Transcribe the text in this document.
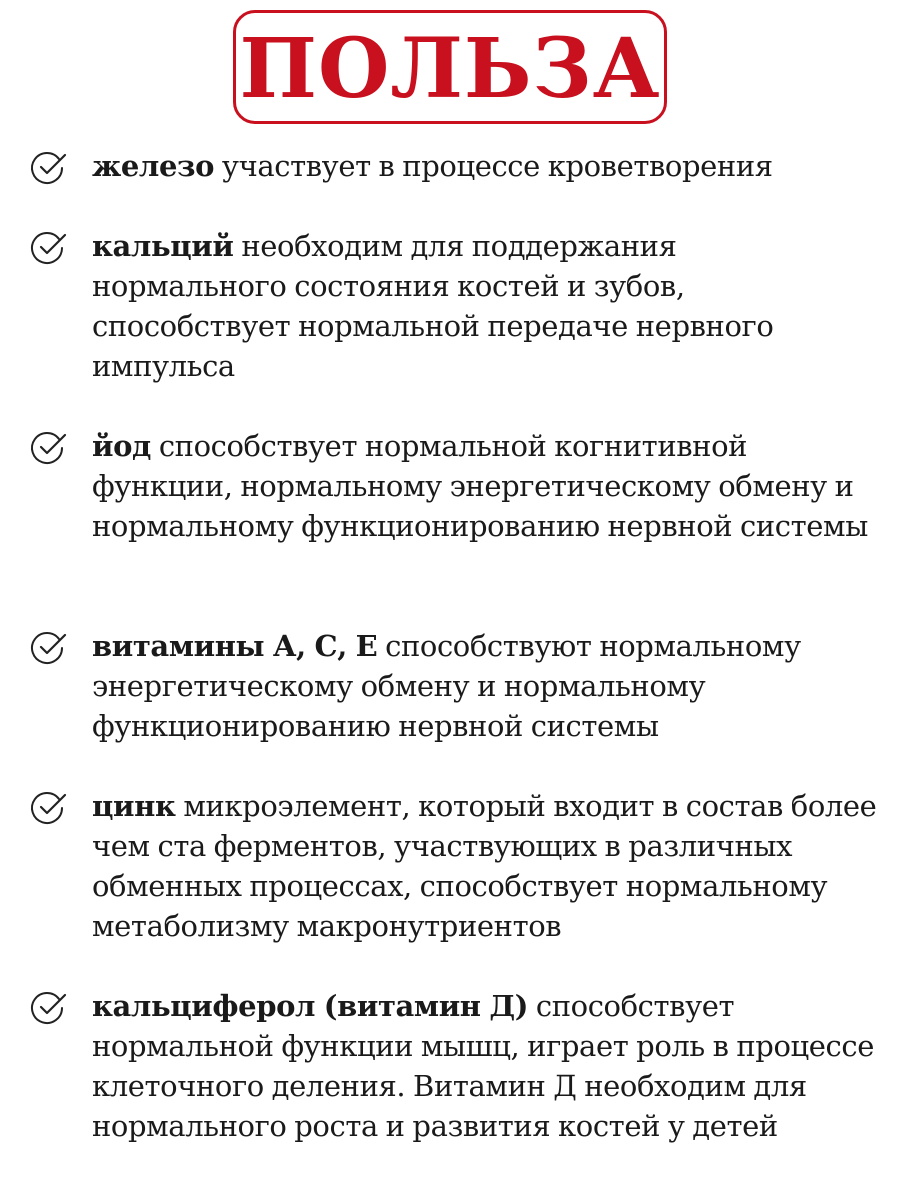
ПОЛЬЗА
железо участвует в процессе кроветворения
кальций необходим для поддержания нормального состояния костей и зубов, способствует нормальной передаче нервного импульса
йод способствует нормальной когнитивной функции, нормальному энергетическому обмену и нормальному функционированию нервной системы
витамины А, С, Е способствуют нормальному энергетическому обмену и нормальному функционированию нервной системы
цинк микроэлемент, который входит в состав более чем ста ферментов, участвующих в различных обменных процессах, способствует нормальному метаболизму макронутриентов
кальциферол (витамин Д) способствует нормальной функции мышц, играет роль в процессе клеточного деления. Витамин Д необходим для нормального роста и развития костей у детей
